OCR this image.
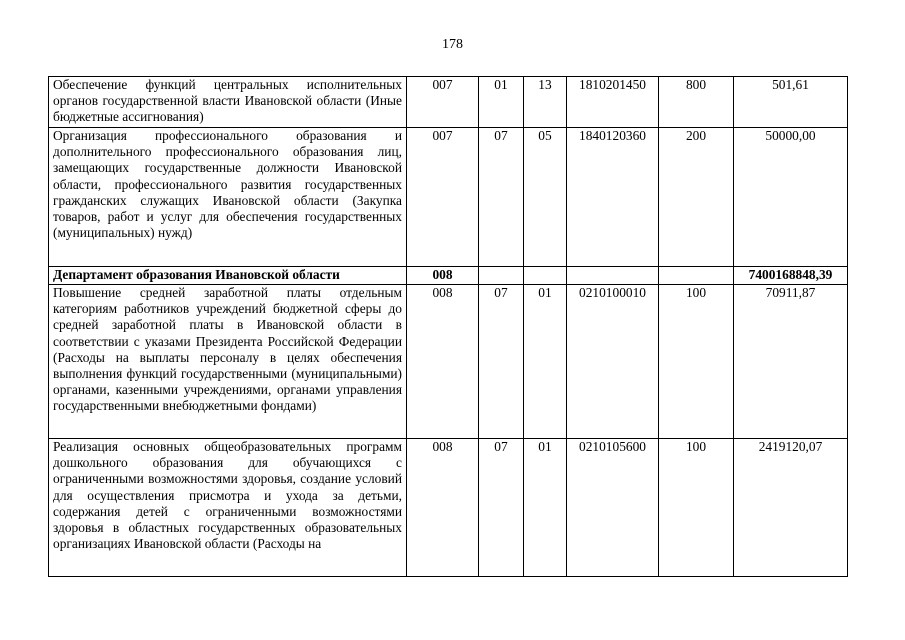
178
Обеспечение функций центральных исполнительных органов государственной власти Ивановской области (Иные бюджетные ассигнования)	007	01	13	1810201450	800	501,61
Организация профессионального образования и дополнительного профессионального образования лиц, замещающих государственные должности Ивановской области, профессионального развития государственных гражданских служащих Ивановской области (Закупка товаров, работ и услуг для обеспечения государственных (муниципальных) нужд)	007	07	05	1840120360	200	50000,00
Департамент образования Ивановской области	008					7400168848,39
Повышение средней заработной платы отдельным категориям работников учреждений бюджетной сферы до средней заработной платы в Ивановской области в соответствии с указами Президента Российской Федерации (Расходы на выплаты персоналу в целях обеспечения выполнения функций государственными (муниципальными) органами, казенными учреждениями, органами управления государственными внебюджетными фондами)	008	07	01	0210100010	100	70911,87
Реализация основных общеобразовательных программ дошкольного образования для обучающихся с ограниченными возможностями здоровья, создание условий для осуществления присмотра и ухода за детьми, содержания детей с ограниченными возможностями здоровья в областных государственных образовательных организациях Ивановской области (Расходы на	008	07	01	0210105600	100	2419120,07
